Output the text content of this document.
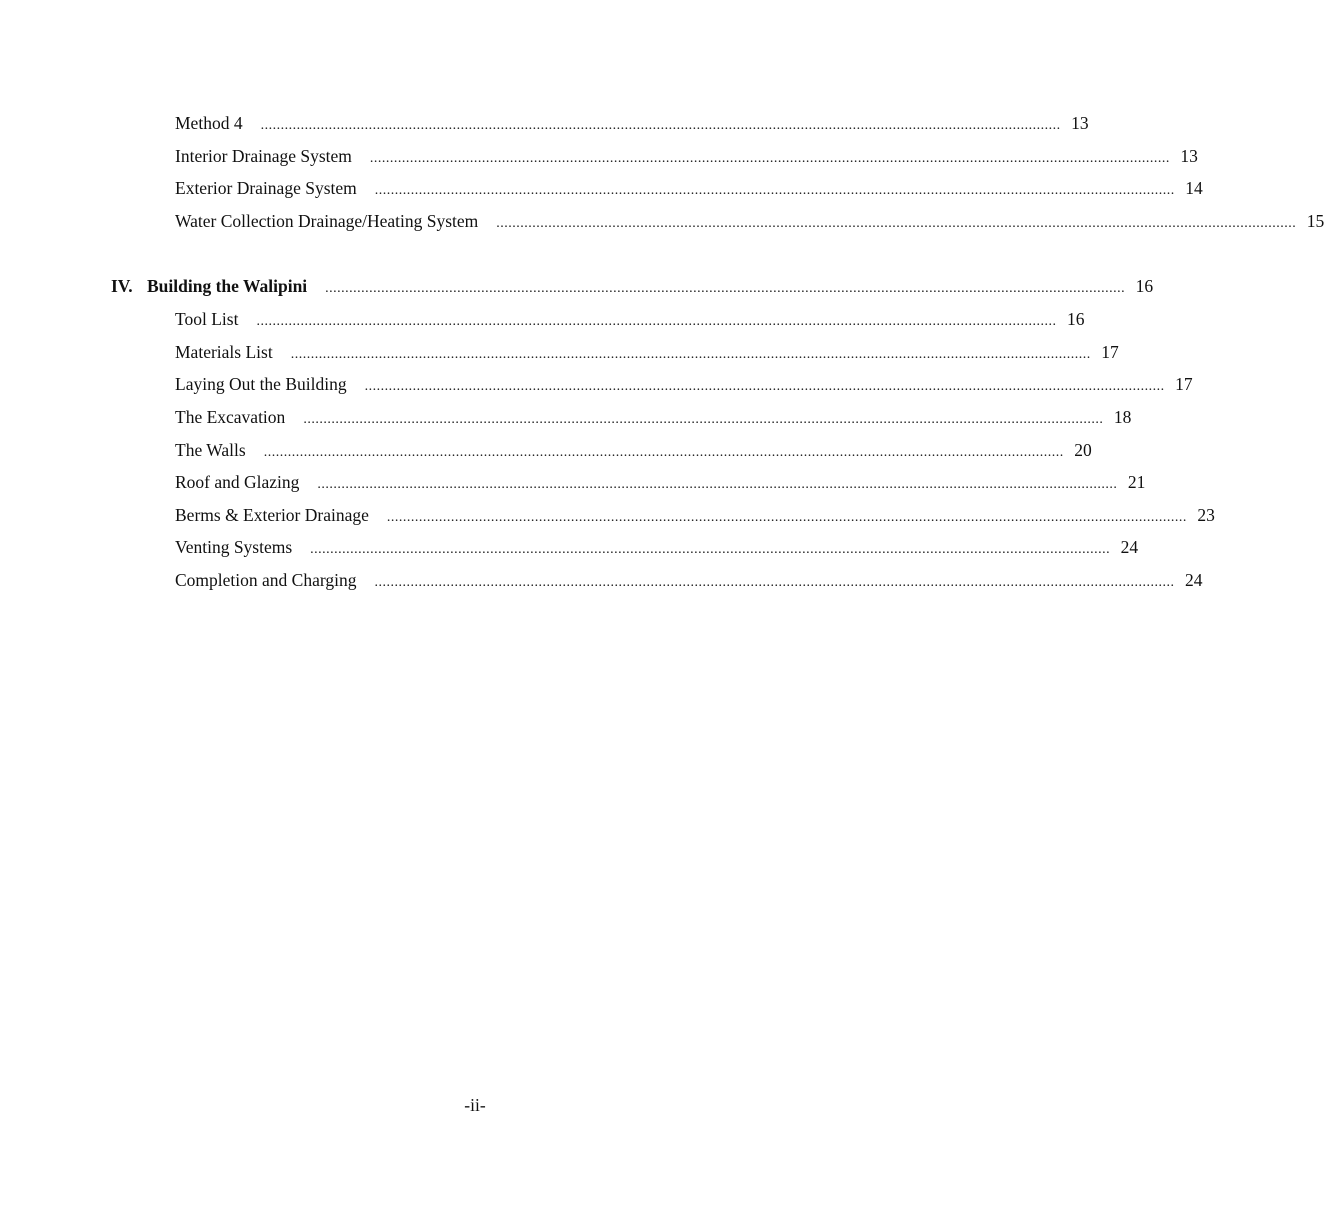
Method 4 ........................................................................................................................................................................................................ 13
Interior Drainage System ........................................................................................................................................................................................................ 13
Exterior Drainage System ........................................................................................................................................................................................................ 14
Water Collection Drainage/Heating System ........................................................................................................................................................................................................ 15
IV. Building the Walipini ........................................................................................................................................................................................................ 16
Tool List ........................................................................................................................................................................................................ 16
Materials List ........................................................................................................................................................................................................ 17
Laying Out the Building ........................................................................................................................................................................................................ 17
The Excavation ........................................................................................................................................................................................................ 18
The Walls ........................................................................................................................................................................................................ 20
Roof and Glazing ........................................................................................................................................................................................................ 21
Berms & Exterior Drainage ........................................................................................................................................................................................................ 23
Venting Systems ........................................................................................................................................................................................................ 24
Completion and Charging ........................................................................................................................................................................................................ 24
-ii-
